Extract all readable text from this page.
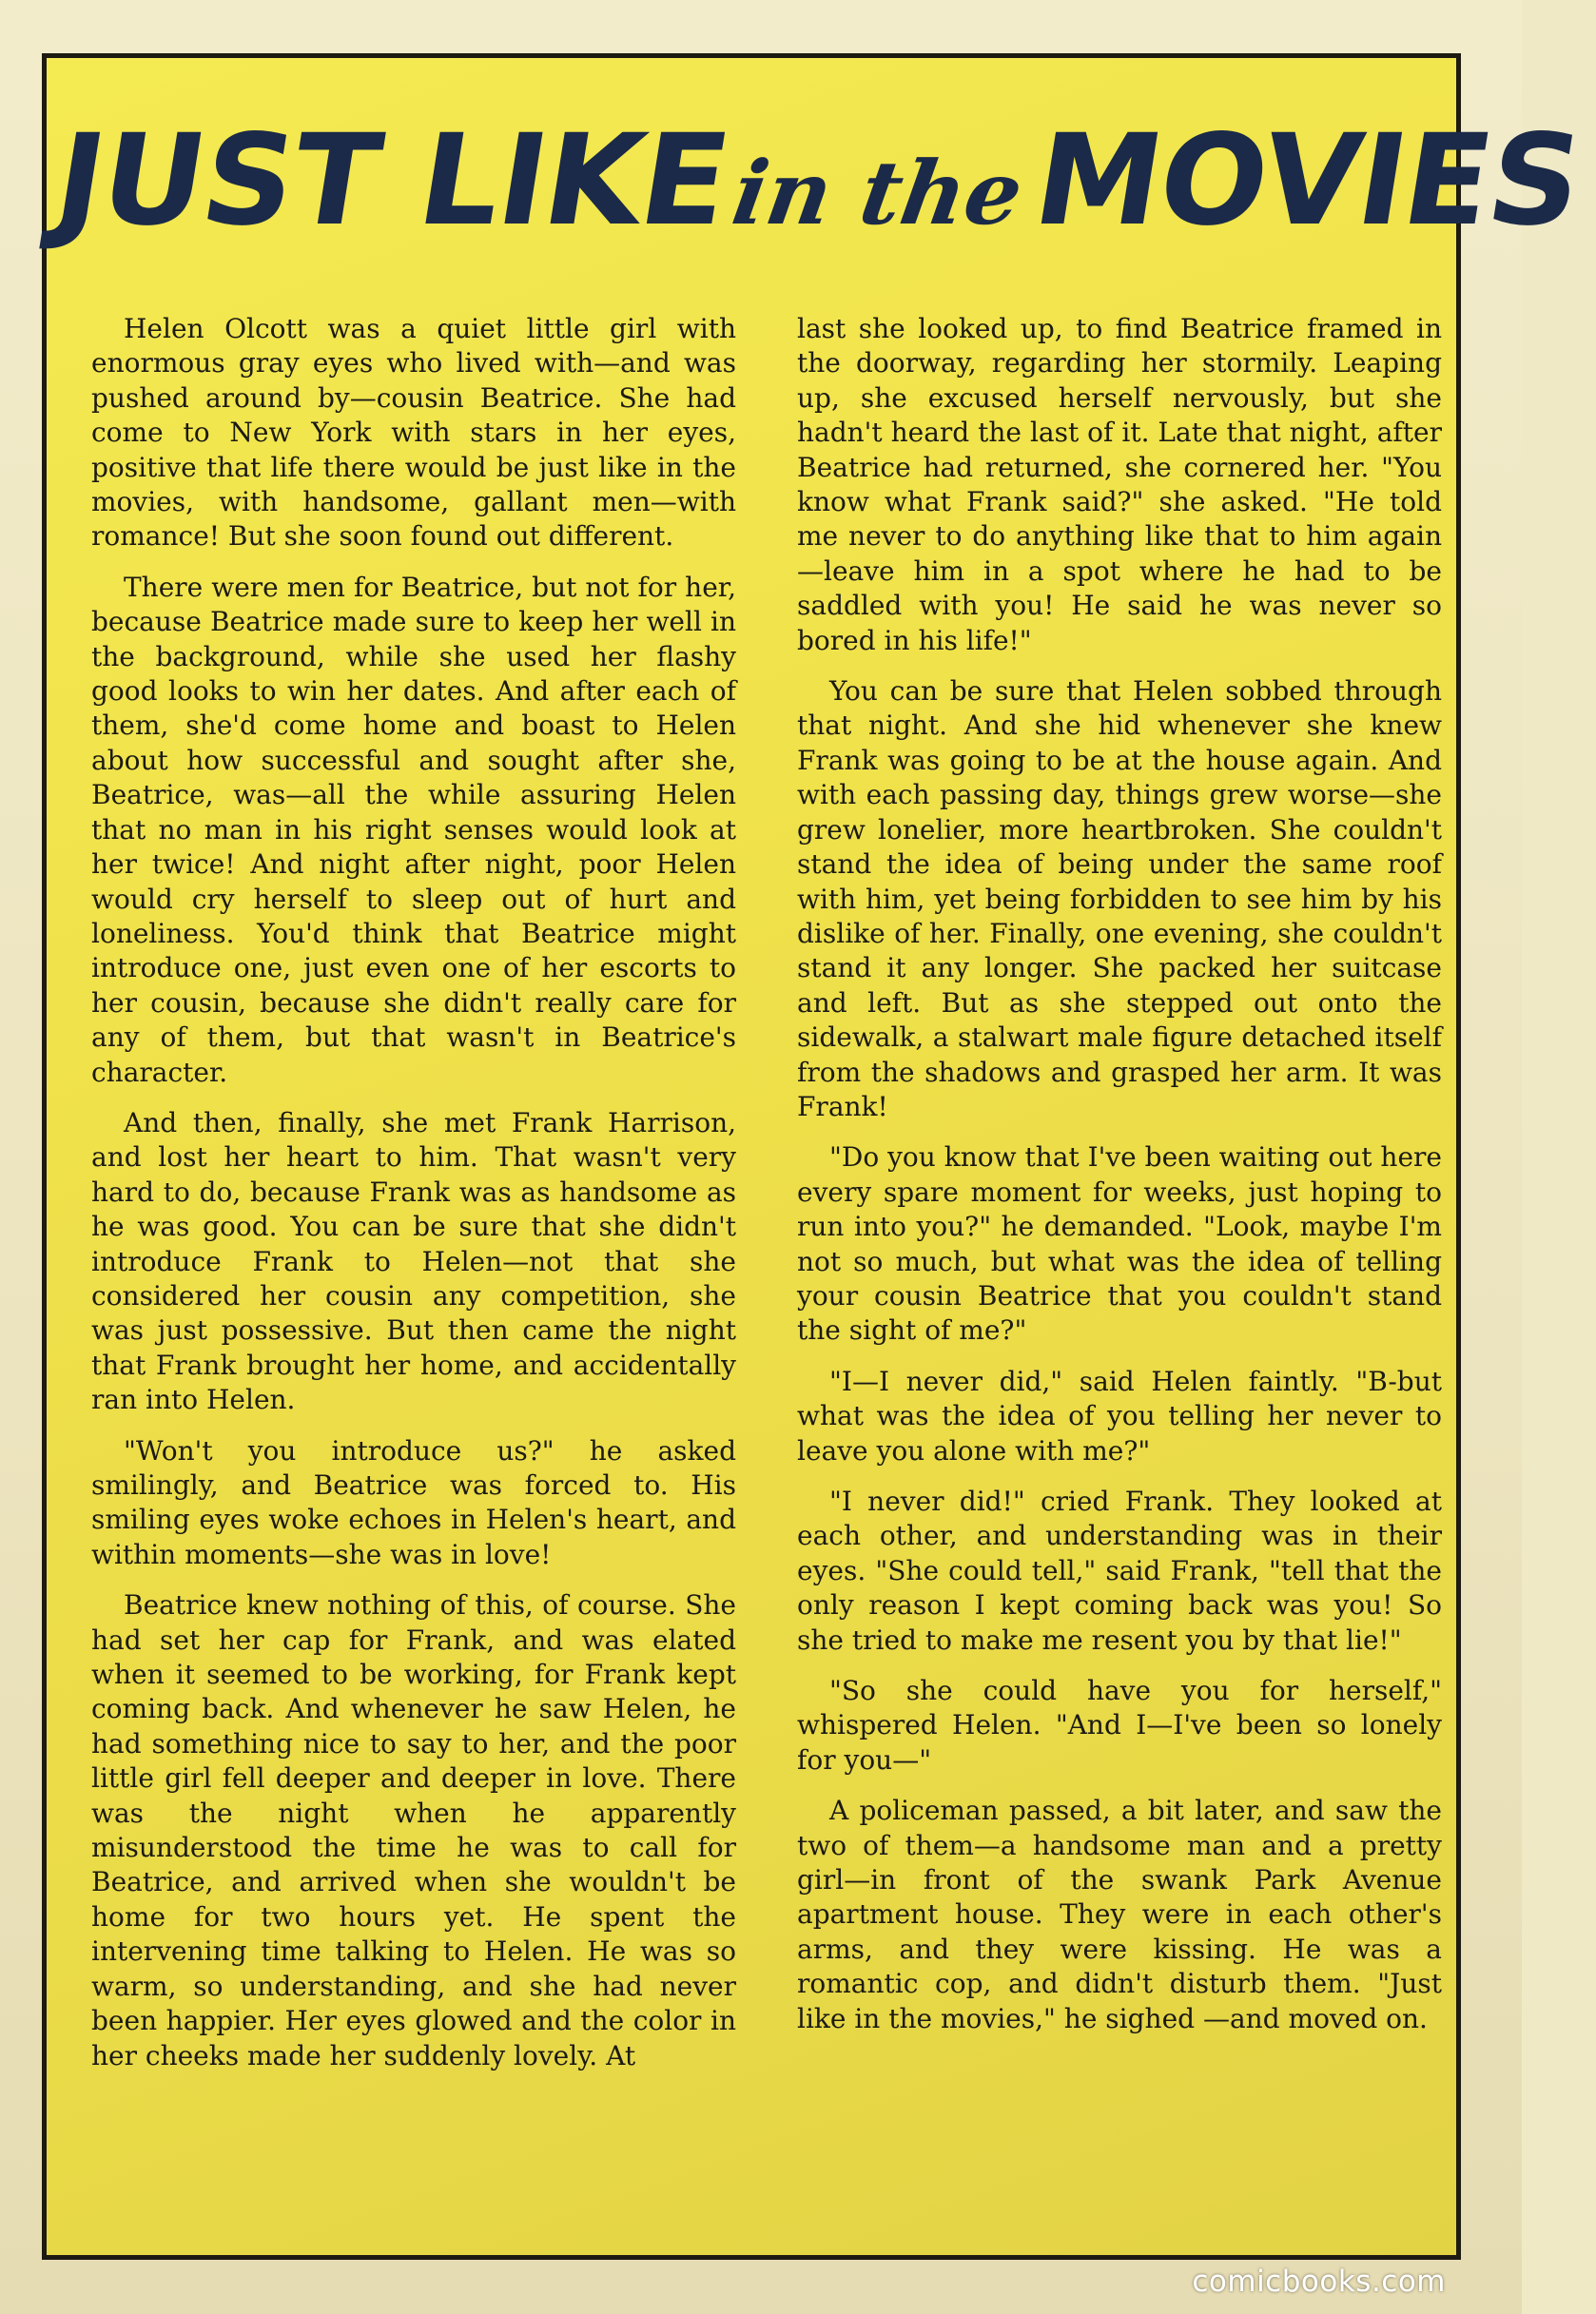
JUST LIKEin theMOVIES

Helen Olcott was a quiet little girl with enormous gray eyes who lived with—and was pushed around by—cousin Beatrice. She had come to New York with stars in her eyes, positive that life there would be just like in the movies, with handsome, gallant men—with romance! But she soon found out different.

There were men for Beatrice, but not for her, because Beatrice made sure to keep her well in the background, while she used her flashy good looks to win her dates. And after each of them, she'd come home and boast to Helen about how successful and sought after she, Beatrice, was—all the while assuring Helen that no man in his right senses would look at her twice! And night after night, poor Helen would cry herself to sleep out of hurt and loneliness. You'd think that Beatrice might introduce one, just even one of her escorts to her cousin, because she didn't really care for any of them, but that wasn't in Beatrice's character.

And then, finally, she met Frank Harrison, and lost her heart to him. That wasn't very hard to do, because Frank was as handsome as he was good. You can be sure that she didn't introduce Frank to Helen—not that she considered her cousin any competition, she was just possessive. But then came the night that Frank brought her home, and accidentally ran into Helen.

"Won't you introduce us?" he asked smilingly, and Beatrice was forced to. His smiling eyes woke echoes in Helen's heart, and within moments—she was in love!

Beatrice knew nothing of this, of course. She had set her cap for Frank, and was elated when it seemed to be working, for Frank kept coming back. And whenever he saw Helen, he had something nice to say to her, and the poor little girl fell deeper and deeper in love. There was the night when he apparently misunderstood the time he was to call for Beatrice, and arrived when she wouldn't be home for two hours yet. He spent the intervening time talking to Helen. He was so warm, so understanding, and she had never been happier. Her eyes glowed and the color in her cheeks made her suddenly lovely. At

last she looked up, to find Beatrice framed in the doorway, regarding her stormily. Leaping up, she excused herself nervously, but she hadn't heard the last of it. Late that night, after Beatrice had returned, she cornered her. "You know what Frank said?" she asked. "He told me never to do anything like that to him again—leave him in a spot where he had to be saddled with you! He said he was never so bored in his life!"

You can be sure that Helen sobbed through that night. And she hid whenever she knew Frank was going to be at the house again. And with each passing day, things grew worse—she grew lonelier, more heartbroken. She couldn't stand the idea of being under the same roof with him, yet being forbidden to see him by his dislike of her. Finally, one evening, she couldn't stand it any longer. She packed her suitcase and left. But as she stepped out onto the sidewalk, a stalwart male figure detached itself from the shadows and grasped her arm. It was Frank!

"Do you know that I've been waiting out here every spare moment for weeks, just hoping to run into you?" he demanded. "Look, maybe I'm not so much, but what was the idea of telling your cousin Beatrice that you couldn't stand the sight of me?"

"I—I never did," said Helen faintly. "B-but what was the idea of you telling her never to leave you alone with me?"

"I never did!" cried Frank. They looked at each other, and understanding was in their eyes. "She could tell," said Frank, "tell that the only reason I kept coming back was you! So she tried to make me resent you by that lie!"

"So she could have you for herself," whispered Helen. "And I—I've been so lonely for you—"

A policeman passed, a bit later, and saw the two of them—a handsome man and a pretty girl—in front of the swank Park Avenue apartment house. They were in each other's arms, and they were kissing. He was a romantic cop, and didn't disturb them. "Just like in the movies," he sighed —and moved on.

comicbooks.com
